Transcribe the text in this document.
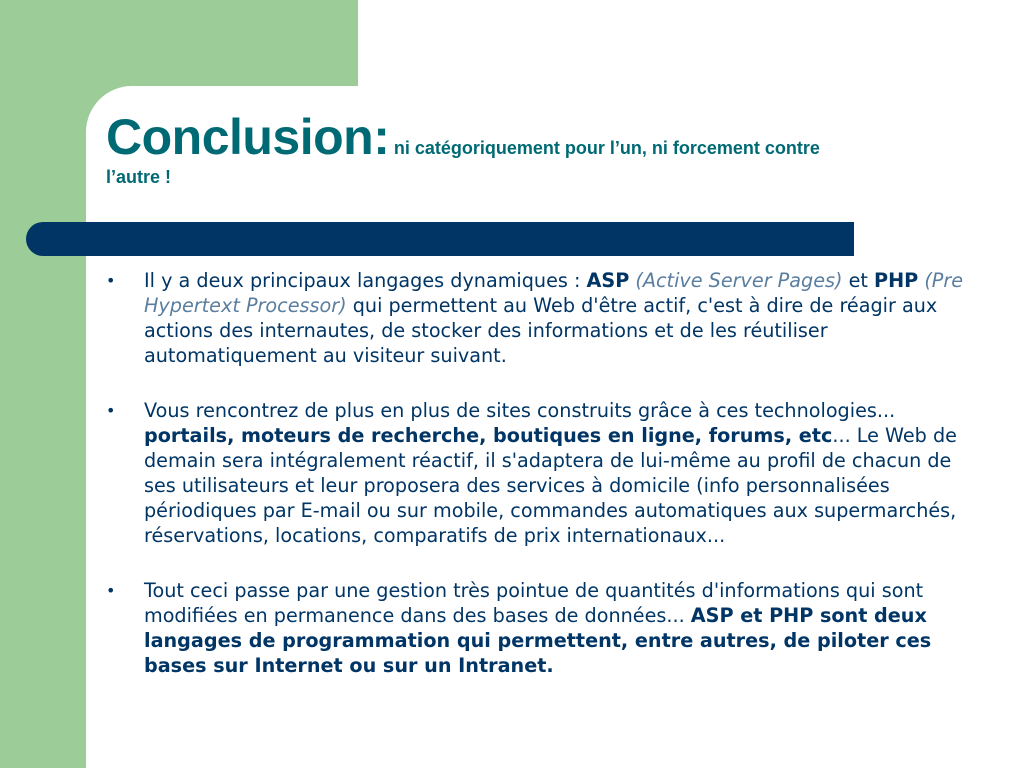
Conclusion: ni catégoriquement pour l’un, ni forcement contre
l’autre !
• Il y a deux principaux langages dynamiques : ASP (Active Server Pages) et PHP (Pre Hypertext Processor) qui permettent au Web d'être actif, c'est à dire de réagir aux actions des internautes, de stocker des informations et de les réutiliser automatiquement au visiteur suivant.
• Vous rencontrez de plus en plus de sites construits grâce à ces technologies... portails, moteurs de recherche, boutiques en ligne, forums, etc... Le Web de demain sera intégralement réactif, il s'adaptera de lui-même au profil de chacun de ses utilisateurs et leur proposera des services à domicile (info personnalisées périodiques par E-mail ou sur mobile, commandes automatiques aux supermarchés, réservations, locations, comparatifs de prix internationaux...
• Tout ceci passe par une gestion très pointue de quantités d'informations qui sont modifiées en permanence dans des bases de données... ASP et PHP sont deux langages de programmation qui permettent, entre autres, de piloter ces bases sur Internet ou sur un Intranet.
